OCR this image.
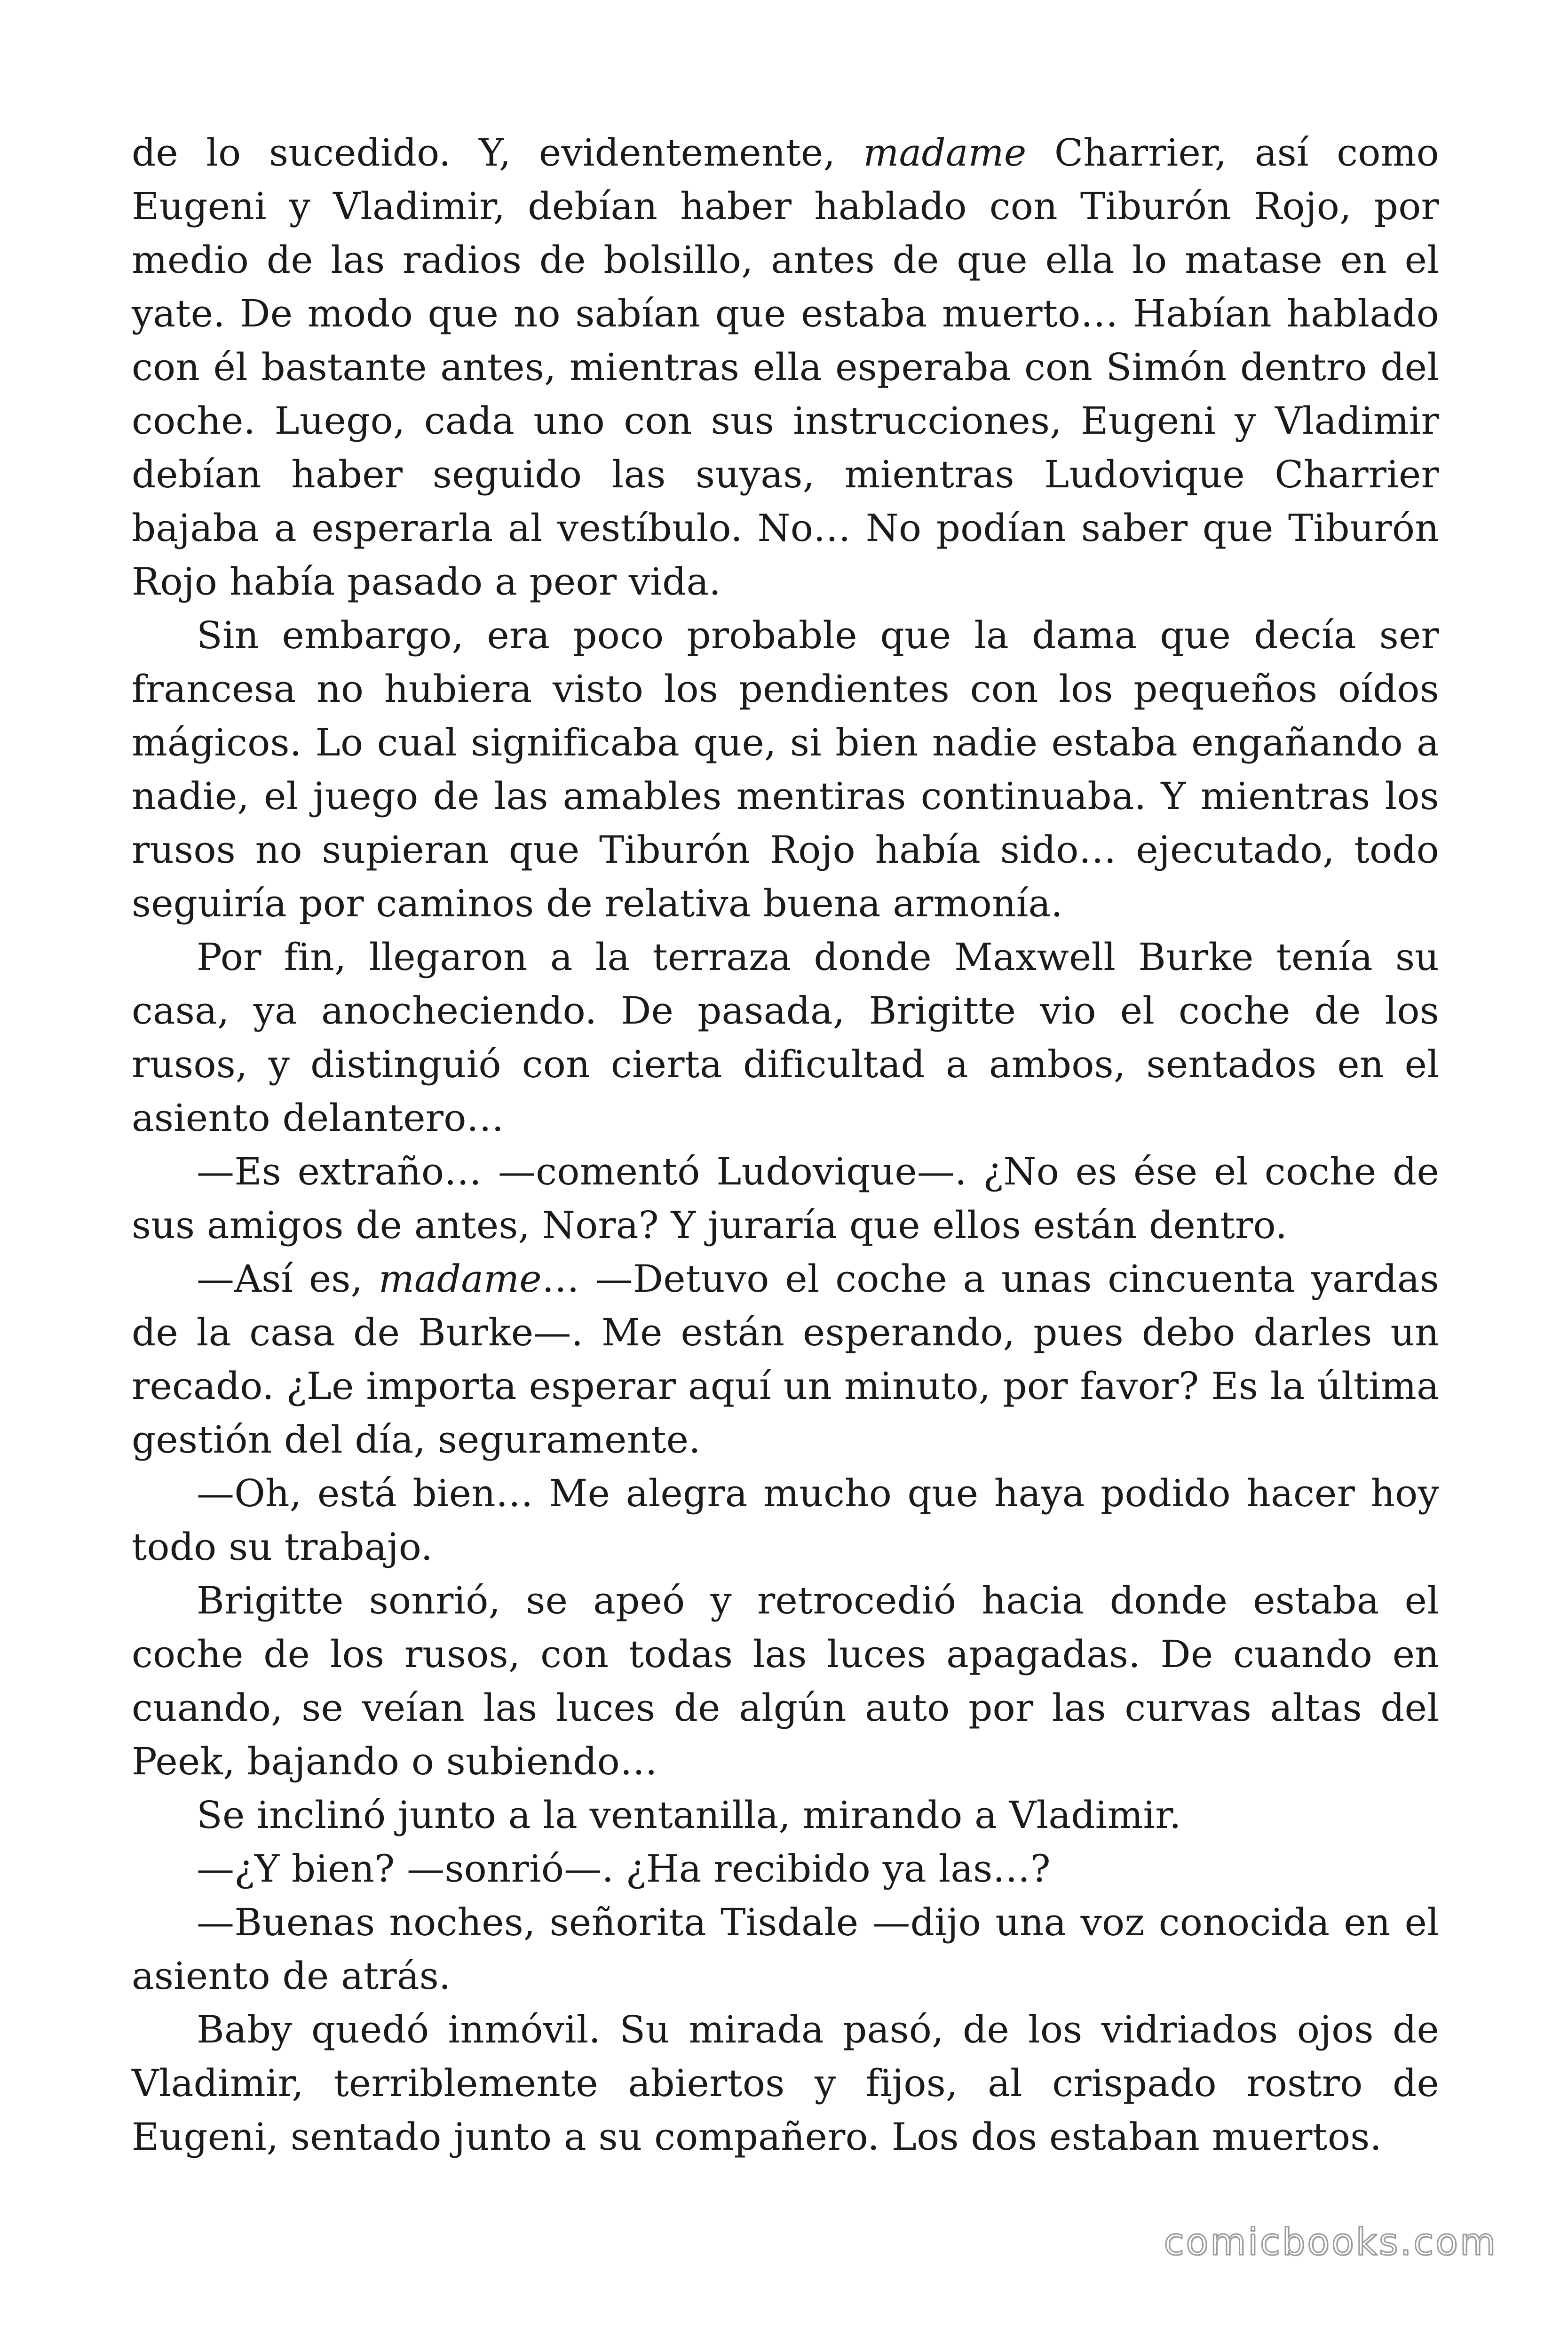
de lo sucedido. Y, evidentemente, madame Charrier, así como Eugeni y Vladimir, debían haber hablado con Tiburón Rojo, por medio de las radios de bolsillo, antes de que ella lo matase en el yate. De modo que no sabían que estaba muerto… Habían hablado con él bastante antes, mientras ella esperaba con Simón dentro del coche. Luego, cada uno con sus instrucciones, Eugeni y Vladimir debían haber seguido las suyas, mientras Ludovique Charrier bajaba a esperarla al vestíbulo. No… No podían saber que Tiburón Rojo había pasado a peor vida.

Sin embargo, era poco probable que la dama que decía ser francesa no hubiera visto los pendientes con los pequeños oídos mágicos. Lo cual significaba que, si bien nadie estaba engañando a nadie, el juego de las amables mentiras continuaba. Y mientras los rusos no supieran que Tiburón Rojo había sido… ejecutado, todo seguiría por caminos de relativa buena armonía.

Por fin, llegaron a la terraza donde Maxwell Burke tenía su casa, ya anocheciendo. De pasada, Brigitte vio el coche de los rusos, y distinguió con cierta dificultad a ambos, sentados en el asiento delantero…

—Es extraño… —comentó Ludovique—. ¿No es ése el coche de sus amigos de antes, Nora? Y juraría que ellos están dentro.

—Así es, madame… —Detuvo el coche a unas cincuenta yardas de la casa de Burke—. Me están esperando, pues debo darles un recado. ¿Le importa esperar aquí un minuto, por favor? Es la última gestión del día, seguramente.

—Oh, está bien… Me alegra mucho que haya podido hacer hoy todo su trabajo.

Brigitte sonrió, se apeó y retrocedió hacia donde estaba el coche de los rusos, con todas las luces apagadas. De cuando en cuando, se veían las luces de algún auto por las curvas altas del Peek, bajando o subiendo…

Se inclinó junto a la ventanilla, mirando a Vladimir.

—¿Y bien? —sonrió—. ¿Ha recibido ya las…?

—Buenas noches, señorita Tisdale —dijo una voz conocida en el asiento de atrás.

Baby quedó inmóvil. Su mirada pasó, de los vidriados ojos de Vladimir, terriblemente abiertos y fijos, al crispado rostro de Eugeni, sentado junto a su compañero. Los dos estaban muertos.

comicbooks.com
